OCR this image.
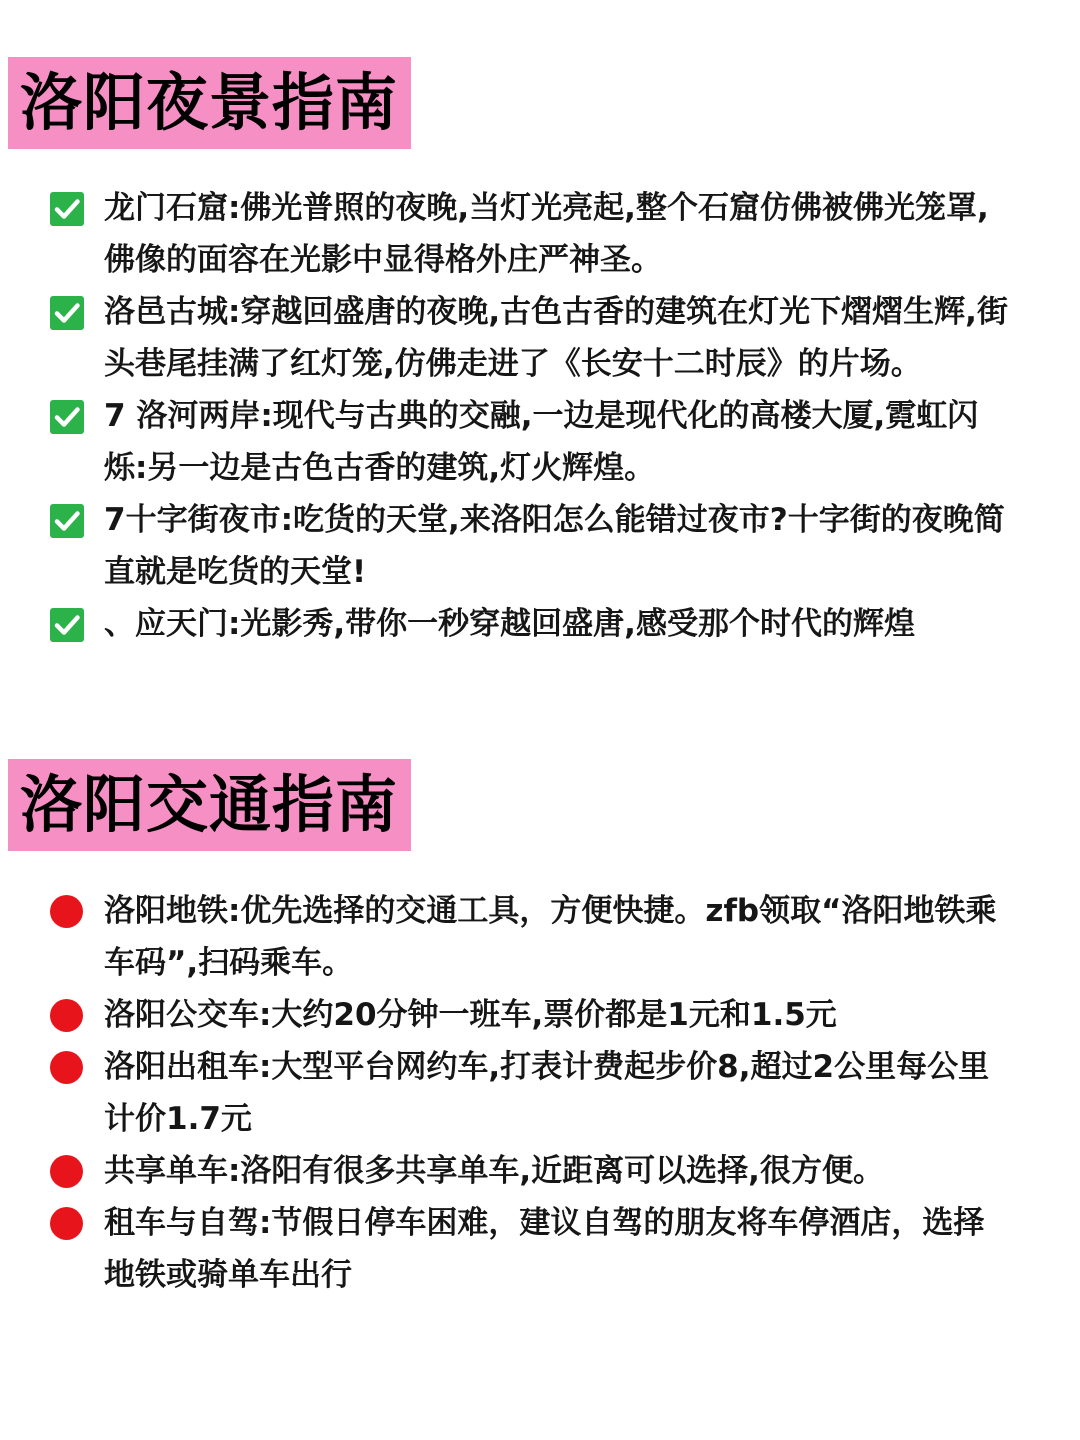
洛阳夜景指南
龙门石窟:佛光普照的夜晚,当灯光亮起,整个石窟仿佛被佛光笼罩,佛像的面容在光影中显得格外庄严神圣。
洛邑古城:穿越回盛唐的夜晚,古色古香的建筑在灯光下熠熠生辉,街头巷尾挂满了红灯笼,仿佛走进了《长安十二时辰》的片场。
7 洛河两岸:现代与古典的交融,一边是现代化的高楼大厦,霓虹闪烁:另一边是古色古香的建筑,灯火辉煌。
7十字街夜市:吃货的天堂,来洛阳怎么能错过夜市?十字街的夜晚简直就是吃货的天堂!
、应天门:光影秀,带你一秒穿越回盛唐,感受那个时代的辉煌
洛阳交通指南
洛阳地铁:优先选择的交通工具，方便快捷。zfb领取“洛阳地铁乘车码”,扫码乘车。
洛阳公交车:大约20分钟一班车,票价都是1元和1.5元
洛阳出租车:大型平台网约车,打表计费起步价8,超过2公里每公里计价1.7元
共享单车:洛阳有很多共享单车,近距离可以选择,很方便。
租车与自驾:节假日停车困难，建议自驾的朋友将车停酒店，选择地铁或骑单车出行
